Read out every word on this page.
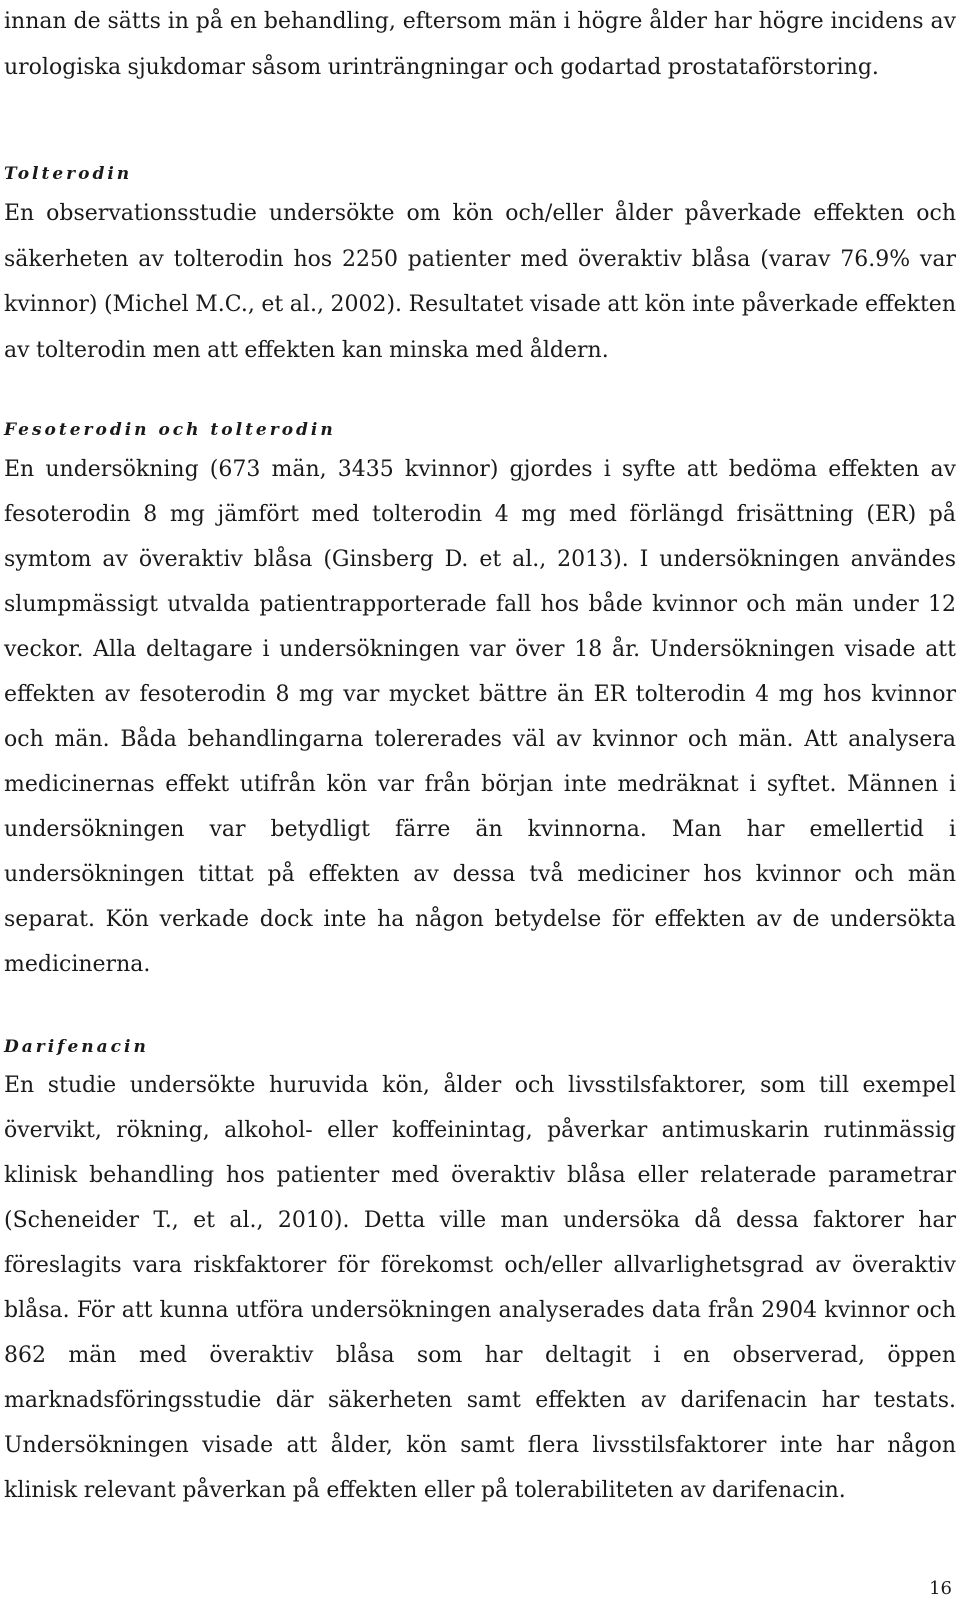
innan de sätts in på en behandling, eftersom män i högre ålder har högre incidens av urologiska sjukdomar såsom urinträngningar och godartad prostataförstoring.

Tolterodin

En observationsstudie undersökte om kön och/eller ålder påverkade effekten och säkerheten av tolterodin hos 2250 patienter med överaktiv blåsa (varav 76.9% var kvinnor) (Michel M.C., et al., 2002). Resultatet visade att kön inte påverkade effekten av tolterodin men att effekten kan minska med åldern.

Fesoterodin och tolterodin

En undersökning (673 män, 3435 kvinnor) gjordes i syfte att bedöma effekten av fesoterodin 8 mg jämfört med tolterodin 4 mg med förlängd frisättning (ER) på symtom av överaktiv blåsa (Ginsberg D. et al., 2013). I undersökningen användes slumpmässigt utvalda patientrapporterade fall hos både kvinnor och män under 12 veckor. Alla deltagare i undersökningen var över 18 år. Undersökningen visade att effekten av fesoterodin 8 mg var mycket bättre än ER tolterodin 4 mg hos kvinnor och män. Båda behandlingarna tolererades väl av kvinnor och män. Att analysera medicinernas effekt utifrån kön var från början inte medräknat i syftet. Männen i undersökningen var betydligt färre än kvinnorna. Man har emellertid i undersökningen tittat på effekten av dessa två mediciner hos kvinnor och män separat. Kön verkade dock inte ha någon betydelse för effekten av de undersökta medicinerna.

Darifenacin

En studie undersökte huruvida kön, ålder och livsstilsfaktorer, som till exempel övervikt, rökning, alkohol- eller koffeinintag, påverkar antimuskarin rutinmässig klinisk behandling hos patienter med överaktiv blåsa eller relaterade parametrar (Scheneider T., et al., 2010). Detta ville man undersöka då dessa faktorer har föreslagits vara riskfaktorer för förekomst och/eller allvarlighetsgrad av överaktiv blåsa. För att kunna utföra undersökningen analyserades data från 2904 kvinnor och 862 män med överaktiv blåsa som har deltagit i en observerad, öppen marknadsföringsstudie där säkerheten samt effekten av darifenacin har testats. Undersökningen visade att ålder, kön samt flera livsstilsfaktorer inte har någon klinisk relevant påverkan på effekten eller på tolerabiliteten av darifenacin.

16
